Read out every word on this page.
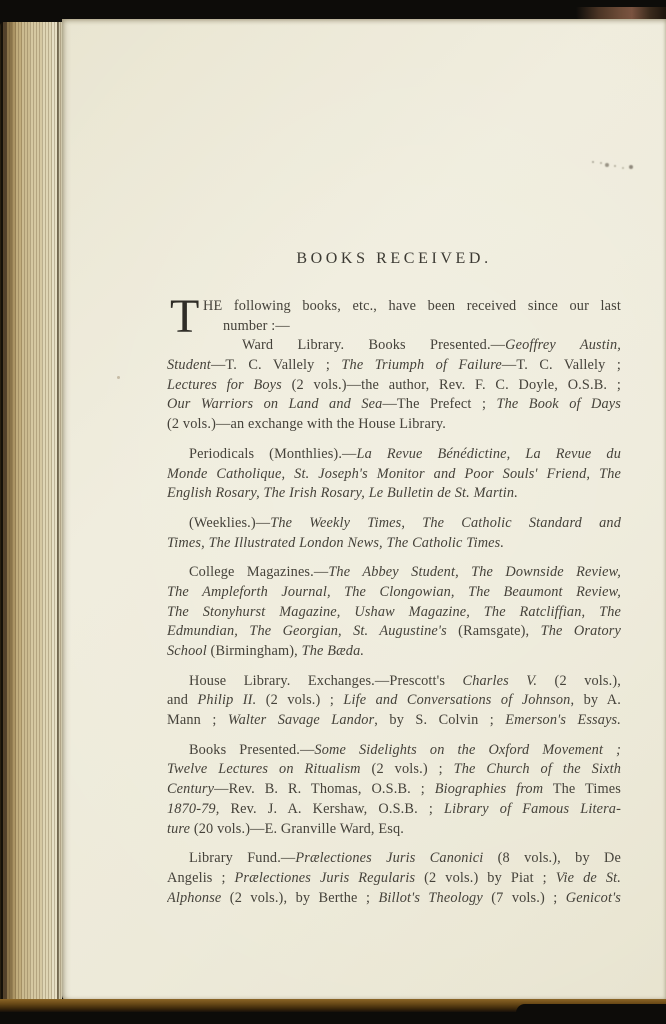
BOOKS RECEIVED.
T HE following books, etc., have been received since our last
number :—
Ward Library. Books Presented.—Geoffrey Austin,
Student—T. C. Vallely ; The Triumph of Failure—T. C. Vallely ;
Lectures for Boys (2 vols.)—the author, Rev. F. C. Doyle, O.S.B. ;
Our Warriors on Land and Sea—The Prefect ; The Book of Days
(2 vols.)—an exchange with the House Library.
Periodicals (Monthlies).—La Revue Bénédictine, La Revue du
Monde Catholique, St. Joseph's Monitor and Poor Souls' Friend, The
English Rosary, The Irish Rosary, Le Bulletin de St. Martin.
(Weeklies.)—The Weekly Times, The Catholic Standard and
Times, The Illustrated London News, The Catholic Times.
College Magazines.—The Abbey Student, The Downside Review,
The Ampleforth Journal, The Clongowian, The Beaumont Review,
The Stonyhurst Magazine, Ushaw Magazine, The Ratcliffian, The
Edmundian, The Georgian, St. Augustine's (Ramsgate), The Oratory
School (Birmingham), The Bæda.
House Library. Exchanges.—Prescott's Charles V. (2 vols.),
and Philip II. (2 vols.) ; Life and Conversations of Johnson, by A.
Mann ; Walter Savage Landor, by S. Colvin ; Emerson's Essays.
Books Presented.—Some Sidelights on the Oxford Movement ;
Twelve Lectures on Ritualism (2 vols.) ; The Church of the Sixth
Century—Rev. B. R. Thomas, O.S.B. ; Biographies from The Times
1870-79, Rev. J. A. Kershaw, O.S.B. ; Library of Famous Litera-
ture (20 vols.)—E. Granville Ward, Esq.
Library Fund.—Prælectiones Juris Canonici (8 vols.), by De
Angelis ; Prælectiones Juris Regularis (2 vols.) by Piat ; Vie de St.
Alphonse (2 vols.), by Berthe ; Billot's Theology (7 vols.) ; Genicot's
